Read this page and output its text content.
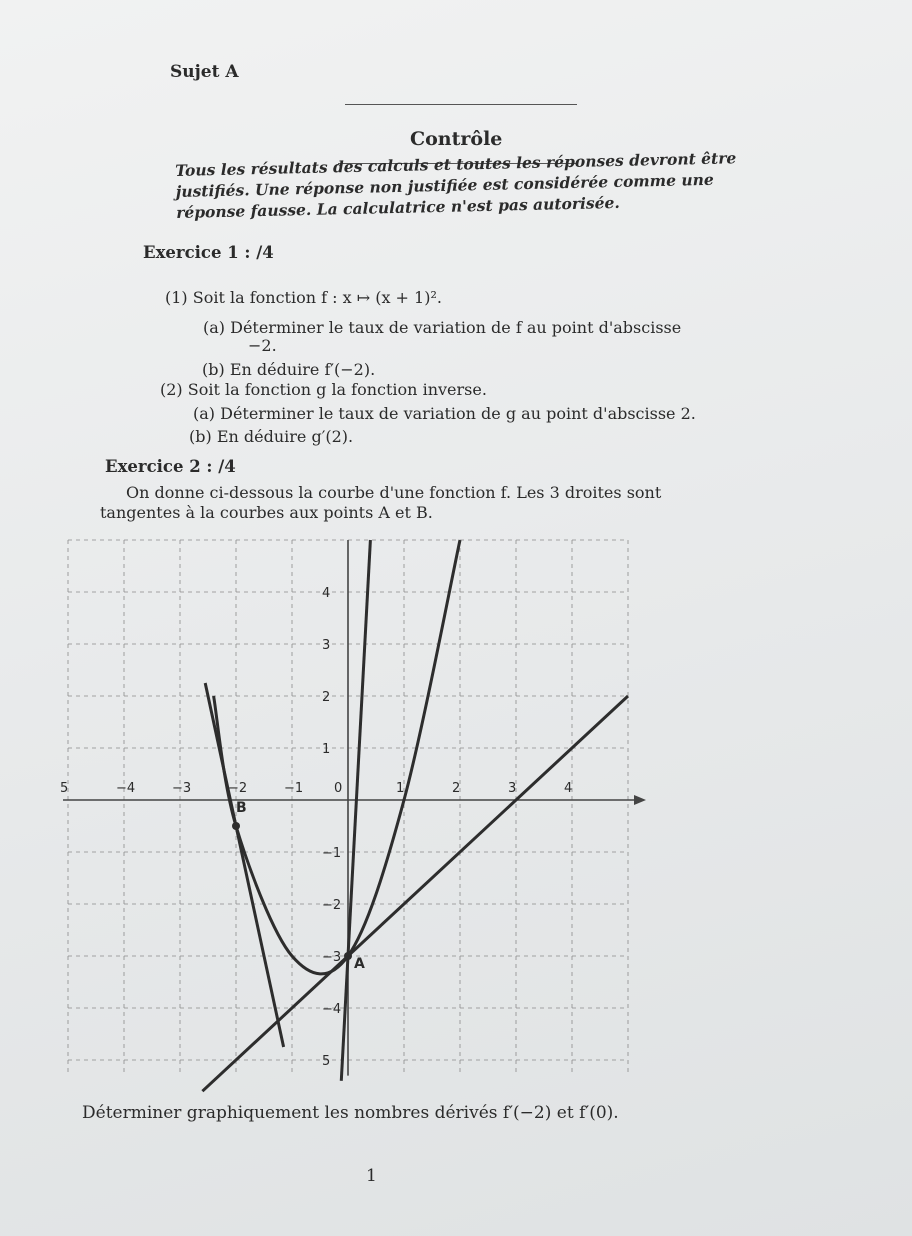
Sujet A
Contrôle
Tous les résultats des calculs et toutes les réponses devront être justifiés. Une réponse non justifiée est considérée comme une réponse fausse. La calculatrice n'est pas autorisée.
Exercice 1 : /4
(1) Soit la fonction f : x ↦ (x + 1)².
(a) Déterminer le taux de variation de f au point d'abscisse
−2.
(b) En déduire f′(−2).
(2) Soit la fonction g la fonction inverse.
(a) Déterminer le taux de variation de g au point d'abscisse 2.
(b) En déduire g′(2).
Exercice 2 : /4
On donne ci-dessous la courbe d'une fonction f. Les 3 droites sont
tangentes à la courbes aux points A et B.
5	−4	−3	−2	−1 0	1	2	3	4
4
3
2
1
−1
−2
−3
−4
5
A
B
Déterminer graphiquement les nombres dérivés f′(−2) et f′(0).
1
